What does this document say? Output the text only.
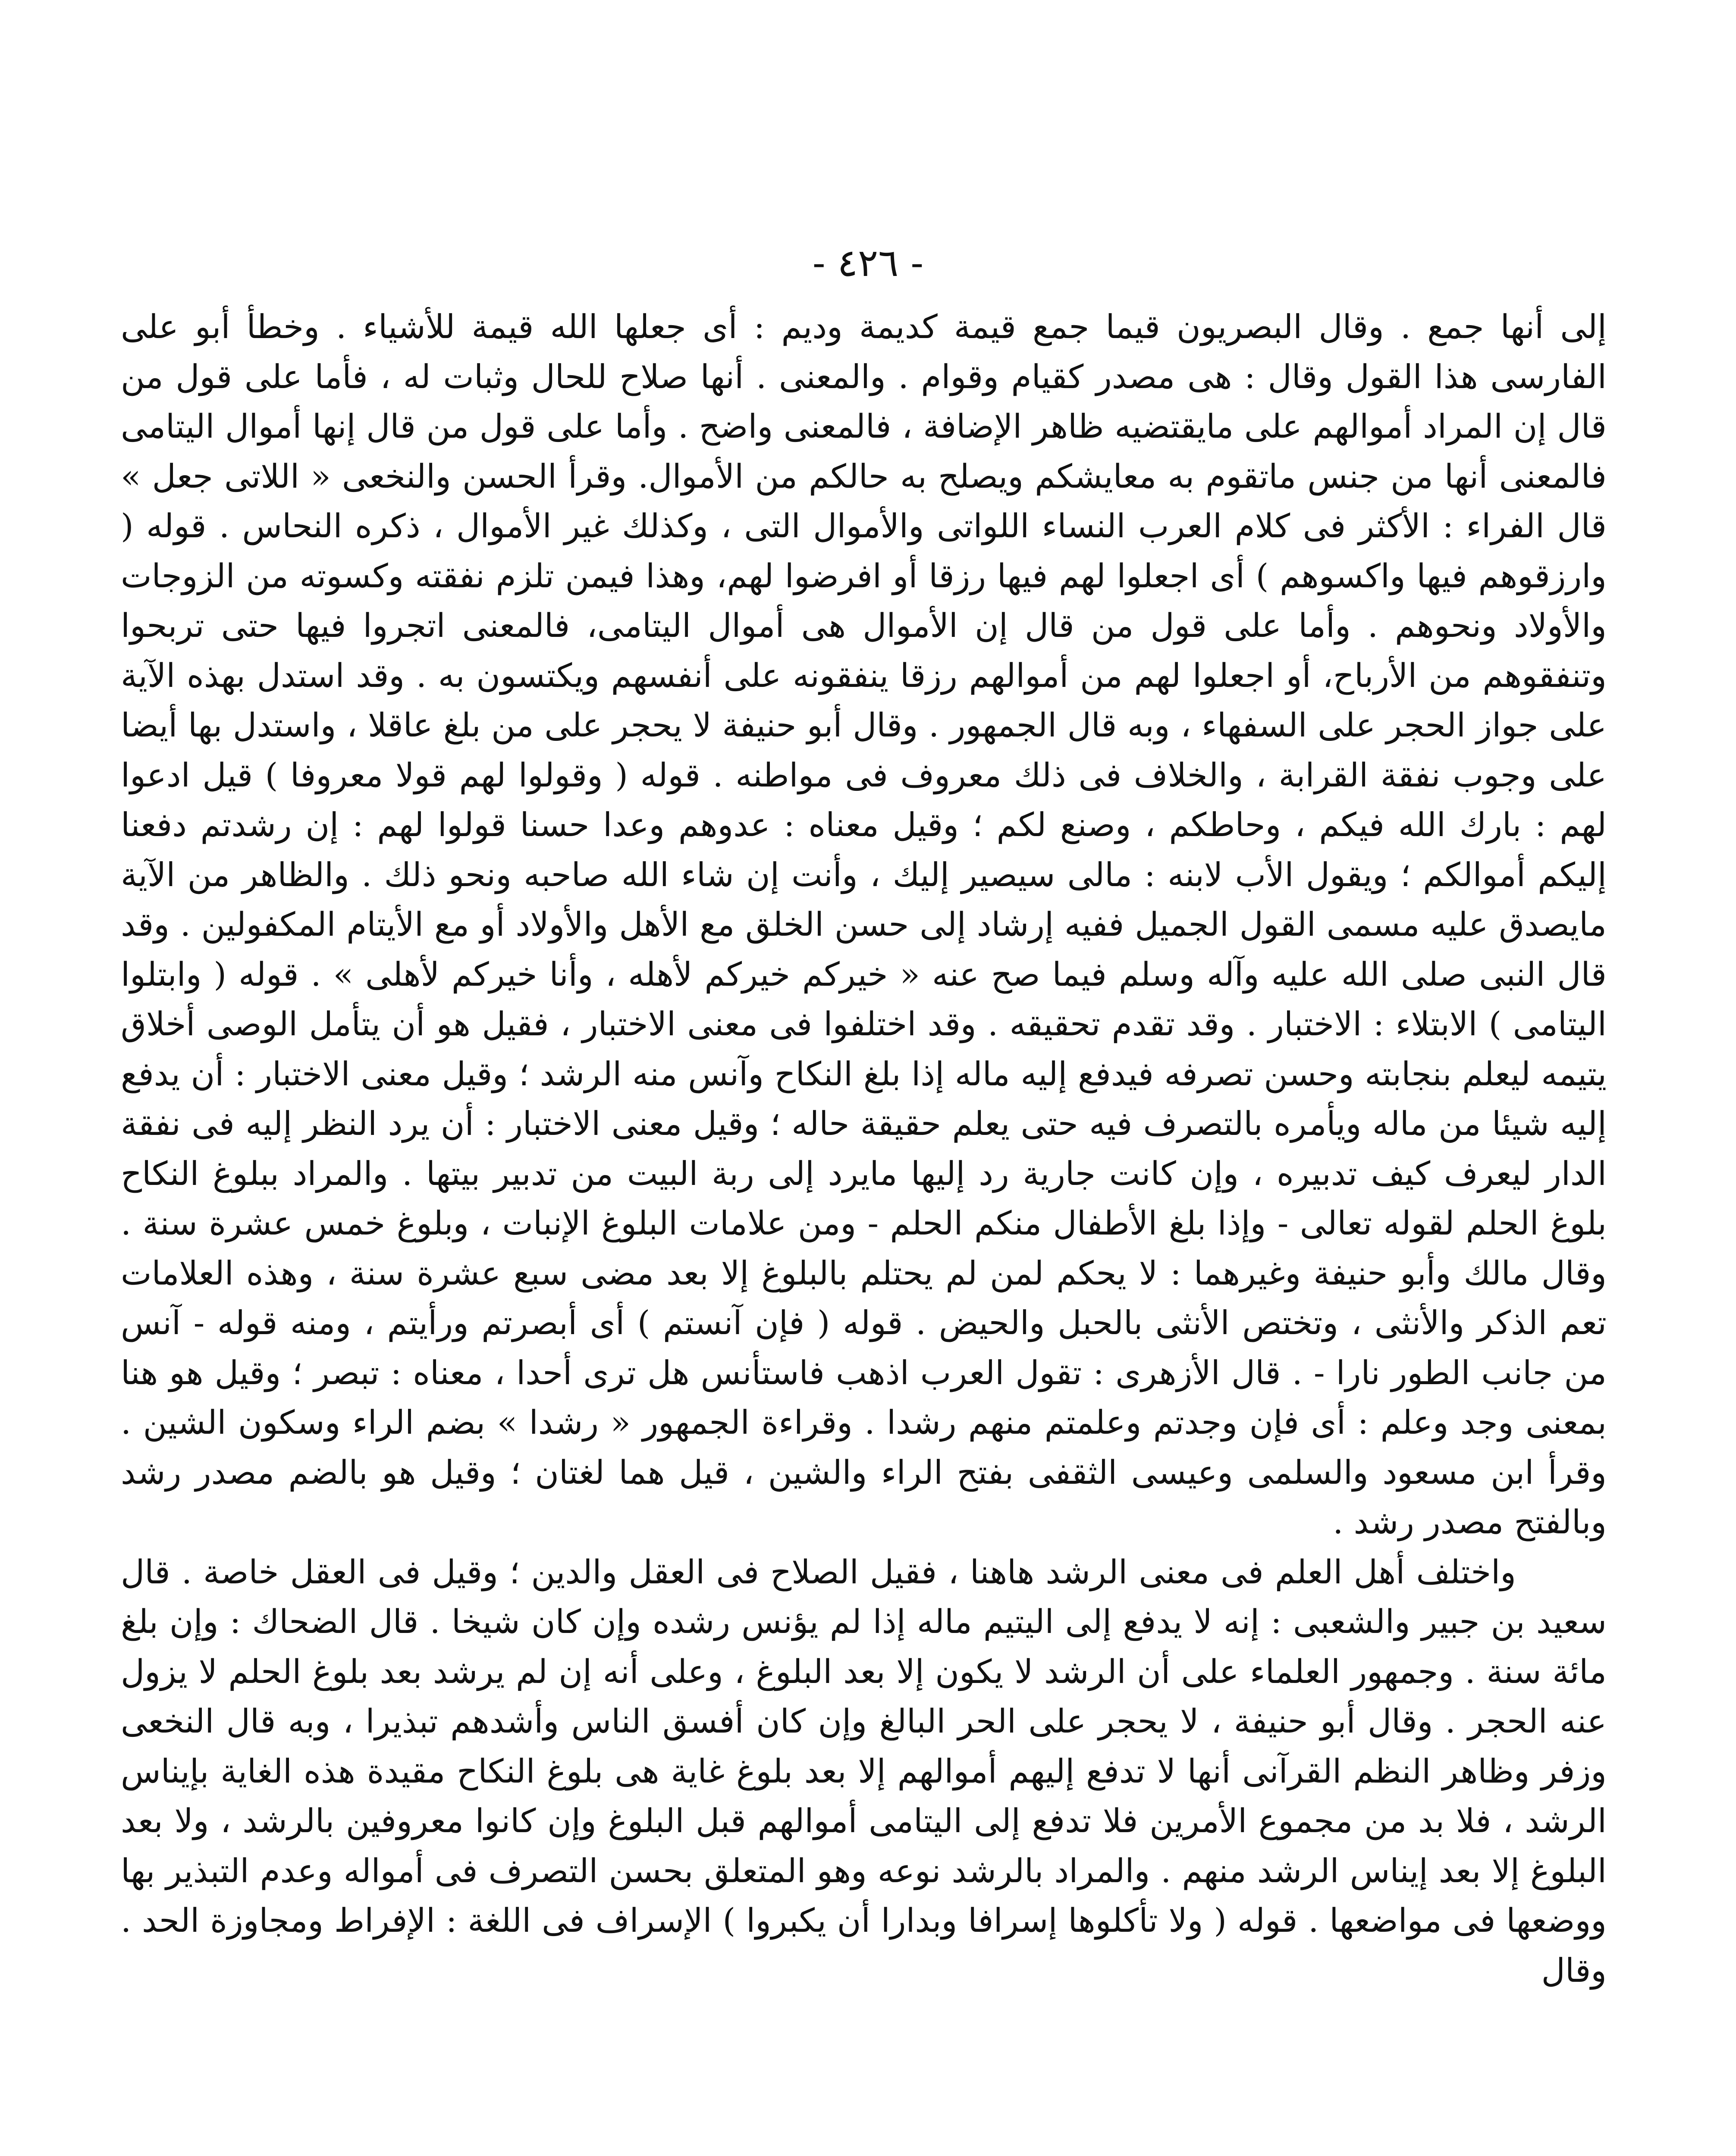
- ٤٢٦ -

إلى أنها جمع . وقال البصريون قيما جمع قيمة كديمة وديم : أى جعلها الله قيمة للأشياء . وخطأ أبو على الفارسى هذا القول وقال : هى مصدر كقيام وقوام . والمعنى . أنها صلاح للحال وثبات له ، فأما على قول من قال إن المراد أموالهم على مايقتضيه ظاهر الإضافة ، فالمعنى واضح . وأما على قول من قال إنها أموال اليتامى فالمعنى أنها من جنس ماتقوم به معايشكم ويصلح به حالكم من الأموال. وقرأ الحسن والنخعى « اللاتى جعل » قال الفراء : الأكثر فى كلام العرب النساء اللواتى والأموال التى ، وكذلك غير الأموال ، ذكره النحاس . قوله ( وارزقوهم فيها واكسوهم ) أى اجعلوا لهم فيها رزقا أو افرضوا لهم، وهذا فيمن تلزم نفقته وكسوته من الزوجات والأولاد ونحوهم . وأما على قول من قال إن الأموال هى أموال اليتامى، فالمعنى اتجروا فيها حتى تربحوا وتنفقوهم من الأرباح، أو اجعلوا لهم من أموالهم رزقا ينفقونه على أنفسهم ويكتسون به . وقد استدل بهذه الآية على جواز الحجر على السفهاء ، وبه قال الجمهور . وقال أبو حنيفة لا يحجر على من بلغ عاقلا ، واستدل بها أيضا على وجوب نفقة القرابة ، والخلاف فى ذلك معروف فى مواطنه . قوله ( وقولوا لهم قولا معروفا ) قيل ادعوا لهم : بارك الله فيكم ، وحاطكم ، وصنع لكم ؛ وقيل معناه : عدوهم وعدا حسنا قولوا لهم : إن رشدتم دفعنا إليكم أموالكم ؛ ويقول الأب لابنه : مالى سيصير إليك ، وأنت إن شاء الله صاحبه ونحو ذلك . والظاهر من الآية مايصدق عليه مسمى القول الجميل ففيه إرشاد إلى حسن الخلق مع الأهل والأولاد أو مع الأيتام المكفولين . وقد قال النبى صلى الله عليه وآله وسلم فيما صح عنه « خيركم خيركم لأهله ، وأنا خيركم لأهلى » . قوله ( وابتلوا اليتامى ) الابتلاء : الاختبار . وقد تقدم تحقيقه . وقد اختلفوا فى معنى الاختبار ، فقيل هو أن يتأمل الوصى أخلاق يتيمه ليعلم بنجابته وحسن تصرفه فيدفع إليه ماله إذا بلغ النكاح وآنس منه الرشد ؛ وقيل معنى الاختبار : أن يدفع إليه شيئا من ماله ويأمره بالتصرف فيه حتى يعلم حقيقة حاله ؛ وقيل معنى الاختبار : أن يرد النظر إليه فى نفقة الدار ليعرف كيف تدبيره ، وإن كانت جارية رد إليها مايرد إلى ربة البيت من تدبير بيتها . والمراد ببلوغ النكاح بلوغ الحلم لقوله تعالى - وإذا بلغ الأطفال منكم الحلم - ومن علامات البلوغ الإنبات ، وبلوغ خمس عشرة سنة . وقال مالك وأبو حنيفة وغيرهما : لا يحكم لمن لم يحتلم بالبلوغ إلا بعد مضى سبع عشرة سنة ، وهذه العلامات تعم الذكر والأنثى ، وتختص الأنثى بالحبل والحيض . قوله ( فإن آنستم ) أى أبصرتم ورأيتم ، ومنه قوله - آنس من جانب الطور نارا - . قال الأزهرى : تقول العرب اذهب فاستأنس هل ترى أحدا ، معناه : تبصر ؛ وقيل هو هنا بمعنى وجد وعلم : أى فإن وجدتم وعلمتم منهم رشدا . وقراءة الجمهور « رشدا » بضم الراء وسكون الشين . وقرأ ابن مسعود والسلمى وعيسى الثقفى بفتح الراء والشين ، قيل هما لغتان ؛ وقيل هو بالضم مصدر رشد وبالفتح مصدر رشد .

واختلف أهل العلم فى معنى الرشد هاهنا ، فقيل الصلاح فى العقل والدين ؛ وقيل فى العقل خاصة . قال سعيد بن جبير والشعبى : إنه لا يدفع إلى اليتيم ماله إذا لم يؤنس رشده وإن كان شيخا . قال الضحاك : وإن بلغ مائة سنة . وجمهور العلماء على أن الرشد لا يكون إلا بعد البلوغ ، وعلى أنه إن لم يرشد بعد بلوغ الحلم لا يزول عنه الحجر . وقال أبو حنيفة ، لا يحجر على الحر البالغ وإن كان أفسق الناس وأشدهم تبذيرا ، وبه قال النخعى وزفر وظاهر النظم القرآنى أنها لا تدفع إليهم أموالهم إلا بعد بلوغ غاية هى بلوغ النكاح مقيدة هذه الغاية بإيناس الرشد ، فلا بد من مجموع الأمرين فلا تدفع إلى اليتامى أموالهم قبل البلوغ وإن كانوا معروفين بالرشد ، ولا بعد البلوغ إلا بعد إيناس الرشد منهم . والمراد بالرشد نوعه وهو المتعلق بحسن التصرف فى أمواله وعدم التبذير بها ووضعها فى مواضعها . قوله ( ولا تأكلوها إسرافا وبدارا أن يكبروا ) الإسراف فى اللغة : الإفراط ومجاوزة الحد . وقال
